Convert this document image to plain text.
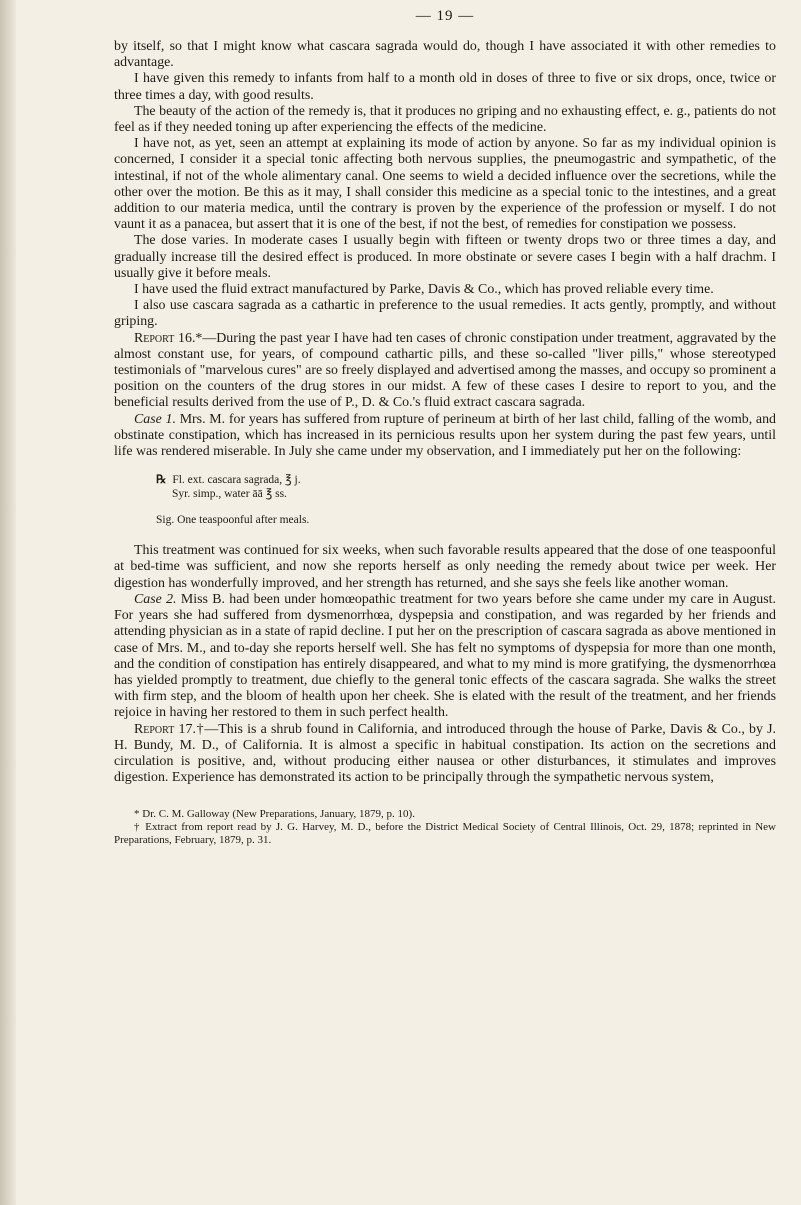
— 19 —

by itself, so that I might know what cascara sagrada would do, though I have associated it with other remedies to advantage.

I have given this remedy to infants from half to a month old in doses of three to five or six drops, once, twice or three times a day, with good results.

The beauty of the action of the remedy is, that it produces no griping and no exhausting effect, e. g., patients do not feel as if they needed toning up after experiencing the effects of the medicine.

I have not, as yet, seen an attempt at explaining its mode of action by anyone. So far as my individual opinion is concerned, I consider it a special tonic affecting both nervous supplies, the pneumogastric and sympathetic, of the intestinal, if not of the whole alimentary canal. One seems to wield a decided influence over the secretions, while the other over the motion. Be this as it may, I shall consider this medicine as a special tonic to the intestines, and a great addition to our materia medica, until the contrary is proven by the experience of the profession or myself. I do not vaunt it as a panacea, but assert that it is one of the best, if not the best, of remedies for constipation we possess.

The dose varies. In moderate cases I usually begin with fifteen or twenty drops two or three times a day, and gradually increase till the desired effect is produced. In more obstinate or severe cases I begin with a half drachm. I usually give it before meals.

I have used the fluid extract manufactured by Parke, Davis & Co., which has proved reliable every time.

I also use cascara sagrada as a cathartic in preference to the usual remedies. It acts gently, promptly, and without griping.

Report 16.*—During the past year I have had ten cases of chronic constipation under treatment, aggravated by the almost constant use, for years, of compound cathartic pills, and these so-called "liver pills," whose stereotyped testimonials of "marvelous cures" are so freely displayed and advertised among the masses, and occupy so prominent a position on the counters of the drug stores in our midst. A few of these cases I desire to report to you, and the beneficial results derived from the use of P., D. & Co.'s fluid extract cascara sagrada.

Case 1. Mrs. M. for years has suffered from rupture of perineum at birth of her last child, falling of the womb, and obstinate constipation, which has increased in its pernicious results upon her system during the past few years, until life was rendered miserable. In July she came under my observation, and I immediately put her on the following:

℞ Fl. ext. cascara sagrada, ℥ j.
Syr. simp., water āā ℥ ss.
Sig. One teaspoonful after meals.

This treatment was continued for six weeks, when such favorable results appeared that the dose of one teaspoonful at bed-time was sufficient, and now she reports herself as only needing the remedy about twice per week. Her digestion has wonderfully improved, and her strength has returned, and she says she feels like another woman.

Case 2. Miss B. had been under homœopathic treatment for two years before she came under my care in August. For years she had suffered from dysmenorrhœa, dyspepsia and constipation, and was regarded by her friends and attending physician as in a state of rapid decline. I put her on the prescription of cascara sagrada as above mentioned in case of Mrs. M., and to-day she reports herself well. She has felt no symptoms of dyspepsia for more than one month, and the condition of constipation has entirely disappeared, and what to my mind is more gratifying, the dysmenorrhœa has yielded promptly to treatment, due chiefly to the general tonic effects of the cascara sagrada. She walks the street with firm step, and the bloom of health upon her cheek. She is elated with the result of the treatment, and her friends rejoice in having her restored to them in such perfect health.

Report 17.†—This is a shrub found in California, and introduced through the house of Parke, Davis & Co., by J. H. Bundy, M. D., of California. It is almost a specific in habitual constipation. Its action on the secretions and circulation is positive, and, without producing either nausea or other disturbances, it stimulates and improves digestion. Experience has demonstrated its action to be principally through the sympathetic nervous system,

* Dr. C. M. Galloway (New Preparations, January, 1879, p. 10).

† Extract from report read by J. G. Harvey, M. D., before the District Medical Society of Central Illinois, Oct. 29, 1878; reprinted in New Preparations, February, 1879, p. 31.
